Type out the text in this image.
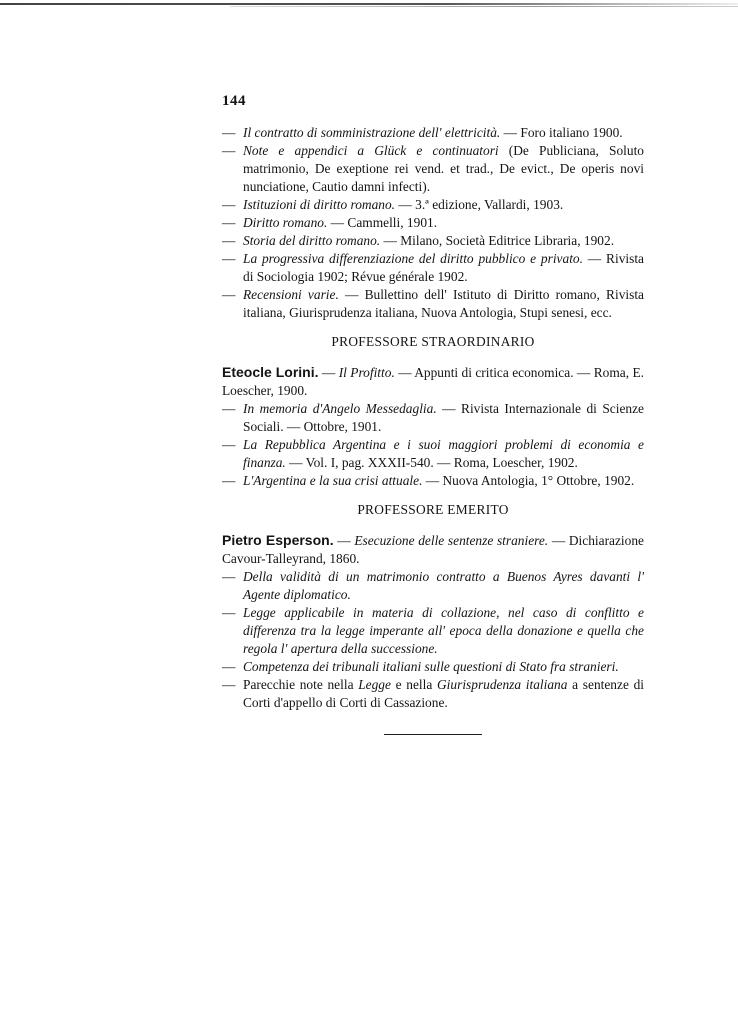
144
— Il contratto di somministrazione dell' elettricità. — Foro italiano 1900.
— Note e appendici a Glück e continuatori (De Publiciana, Soluto matrimonio, De exeptione rei vend. et trad., De evict., De operis novi nunciatione, Cautio damni infecti).
— Istituzioni di diritto romano. — 3.ª edizione, Vallardi, 1903.
— Diritto romano. — Cammelli, 1901.
— Storia del diritto romano. — Milano, Società Editrice Libraria, 1902.
— La progressiva differenziazione del diritto pubblico e privato. — Rivista di Sociologia 1902; Révue générale 1902.
— Recensioni varie. — Bullettino dell' Istituto di Diritto romano, Rivista italiana, Giurisprudenza italiana, Nuova Antologia, Stupi senesi, ecc.
PROFESSORE STRAORDINARIO
Eteocle Lorini. — Il Profitto. — Appunti di critica economica. — Roma, E. Loescher, 1900.
— In memoria d'Angelo Messedaglia. — Rivista Internazionale di Scienze Sociali. — Ottobre, 1901.
— La Repubblica Argentina e i suoi maggiori problemi di economia e finanza. — Vol. I, pag. XXXII-540. — Roma, Loescher, 1902.
— L'Argentina e la sua crisi attuale. — Nuova Antologia, 1° Ottobre, 1902.
PROFESSORE EMERITO
Pietro Esperson. — Esecuzione delle sentenze straniere. — Dichiarazione Cavour-Talleyrand, 1860.
— Della validità di un matrimonio contratto a Buenos Ayres davanti l' Agente diplomatico.
— Legge applicabile in materia di collazione, nel caso di conflitto e differenza tra la legge imperante all' epoca della donazione e quella che regola l' apertura della successione.
— Competenza dei tribunali italiani sulle questioni di Stato fra stranieri.
— Parecchie note nella Legge e nella Giurisprudenza italiana a sentenze di Corti d'appello di Corti di Cassazione.
